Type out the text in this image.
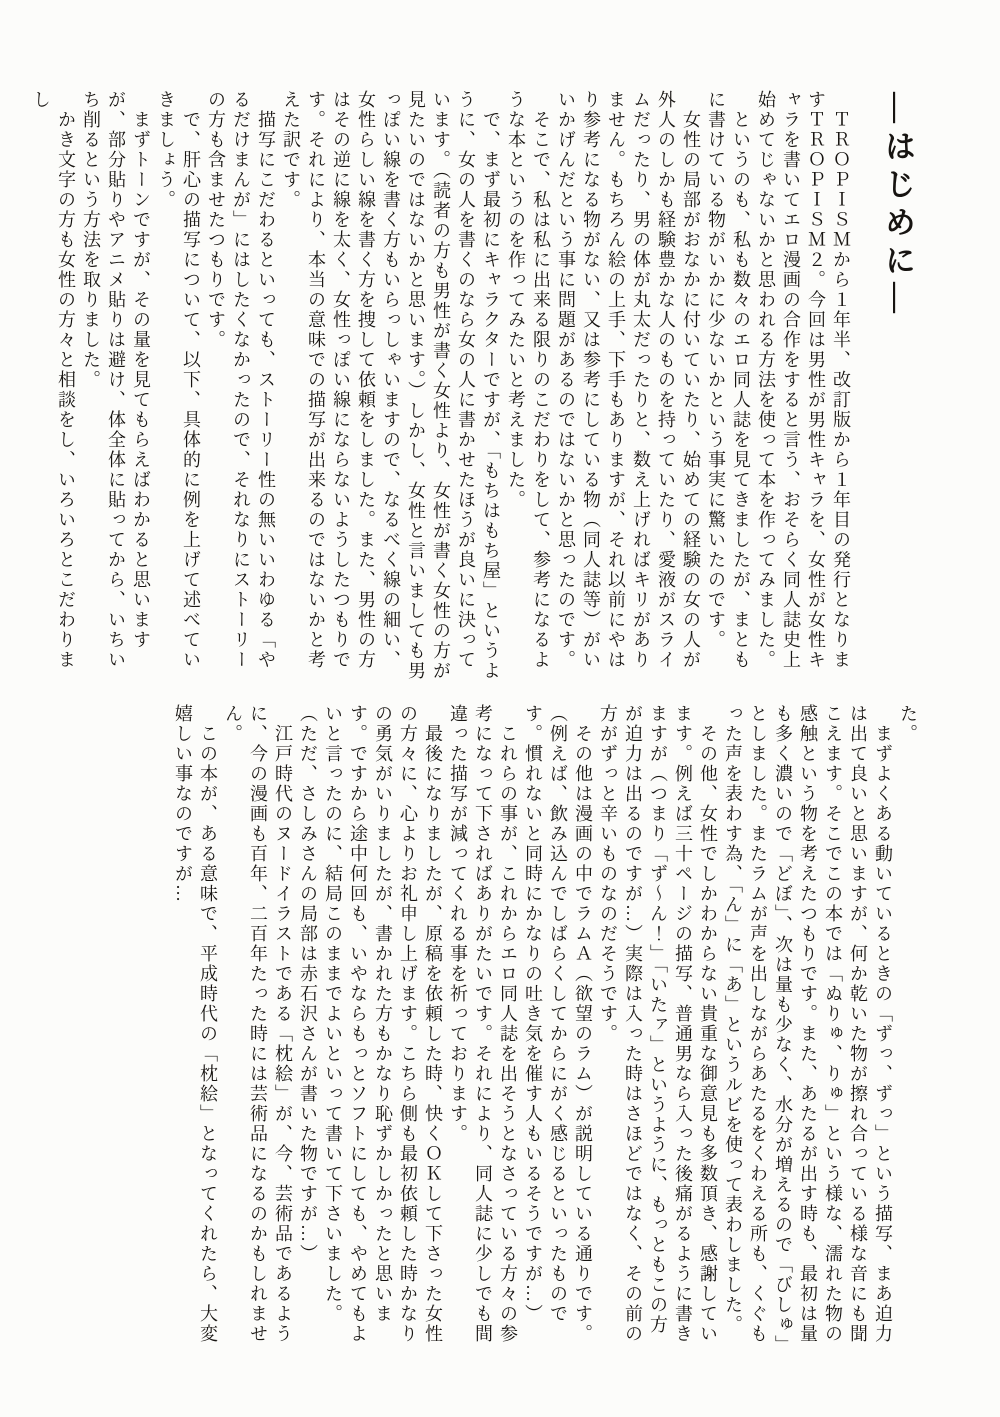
―はじめに―

　ＴＲＯＰＩＳＭから１年半、改訂版から１年目の発行となりますＴＲＯＰＩＳＭ２。今回は男性が男性キャラを、女性が女性キャラを書いてエロ漫画の合作をすると言う、おそらく同人誌史上始めてじゃないかと思われる方法を使って本を作ってみました。

　というのも、私も数々のエロ同人誌を見てきましたが、まともに書けている物がいかに少ないかという事実に驚いたのです。

　女性の局部がおなかに付いていたり、始めての経験の女の人が外人のしかも経験豊かな人のものを持っていたり、愛液がスライムだったり、男の体が丸太だったりと、数え上げればキリがありません。もちろん絵の上手、下手もありますが、それ以前にやはり参考になる物がない、又は参考にしている物（同人誌等）がいいかげんだという事に問題があるのではないかと思ったのです。

　そこで、私は私に出来る限りのこだわりをして、参考になるような本というのを作ってみたいと考えました。

　で、まず最初にキャラクターですが、「もちはもち屋」というように、女の人を書くのなら女の人に書かせたほうが良いに決っています。（読者の方も男性が書く女性より、女性が書く女性の方が見たいのではないかと思います。）しかし、女性と言いましても男っぽい線を書く方もいらっしゃいますので、なるべく線の細い、女性らしい線を書く方を捜して依頼をしました。また、男性の方はその逆に線を太く、女性っぽい線にならないようしたつもりです。それにより、本当の意味での描写が出来るのではないかと考えた訳です。

　描写にこだわるといっても、ストーリー性の無いいわゆる「やるだけまんが」にはしたくなかったので、それなりにストーリーの方も含ませたつもりです。

　で、肝心の描写について、以下、具体的に例を上げて述べていきましょう。

　まずトーンですが、その量を見てもらえばわかると思いますが、部分貼りやアニメ貼りは避け、体全体に貼ってから、いちいち削るという方法を取りました。

　かき文字の方も女性の方々と相談をし、いろいろとこだわりまし

た。

　まずよくある動いているときの「ずっ、ずっ」という描写、まあ迫力は出て良いと思いますが、何か乾いた物が擦れ合っている様な音にも聞こえます。そこでこの本では「ぬりゅ、りゅ」という様な、濡れた物の感触という物を考えたつもりです。また、あたるが出す時も、最初は量も多く濃いので「どぼ」、次は量も少なく、水分が増えるので「びしゅ」としました。またラムが声を出しながらあたるをくわえる所も、くぐもった声を表わす為、「ん」に「あ」というルビを使って表わしました。

　その他、女性でしかわからない貴重な御意見も多数頂き、感謝しています。例えば三十ページの描写、普通男なら入った後痛がるように書きますが（つまり「ず〜ん！」「いたァ」というように、もっともこの方が迫力は出るのですが…）実際は入った時はさほどではなく、その前の方がずっと辛いものなのだそうです。

　その他は漫画の中でラムＡ（欲望のラム）が説明している通りです。（例えば、飲み込んでしばらくしてからにがく感じるといったものです。慣れないと同時にかなりの吐き気を催す人もいるそうですが…）

　これらの事が、これからエロ同人誌を出そうとなさっている方々の参考になって下さればありがたいです。それにより、同人誌に少しでも間違った描写が減ってくれる事を祈っております。

　最後になりましたが、原稿を依頼した時、快くＯＫして下さった女性の方々に、心よりお礼申し上げます。こちら側も最初依頼した時かなりの勇気がいりましたが、書かれた方もかなり恥ずかしかったと思います。ですから途中何回も、いやならもっとソフトにしても、やめてもよいと言ったのに、結局このままでよいといって書いて下さいました。（ただ、さしみさんの局部は赤石沢さんが書いた物ですが…）

　江戸時代のヌードイラストである「枕絵」が、今、芸術品であるように、今の漫画も百年、二百年たった時には芸術品になるのかもしれません。

　この本が、ある意味で、平成時代の「枕絵」となってくれたら、大変嬉しい事なのですが…
